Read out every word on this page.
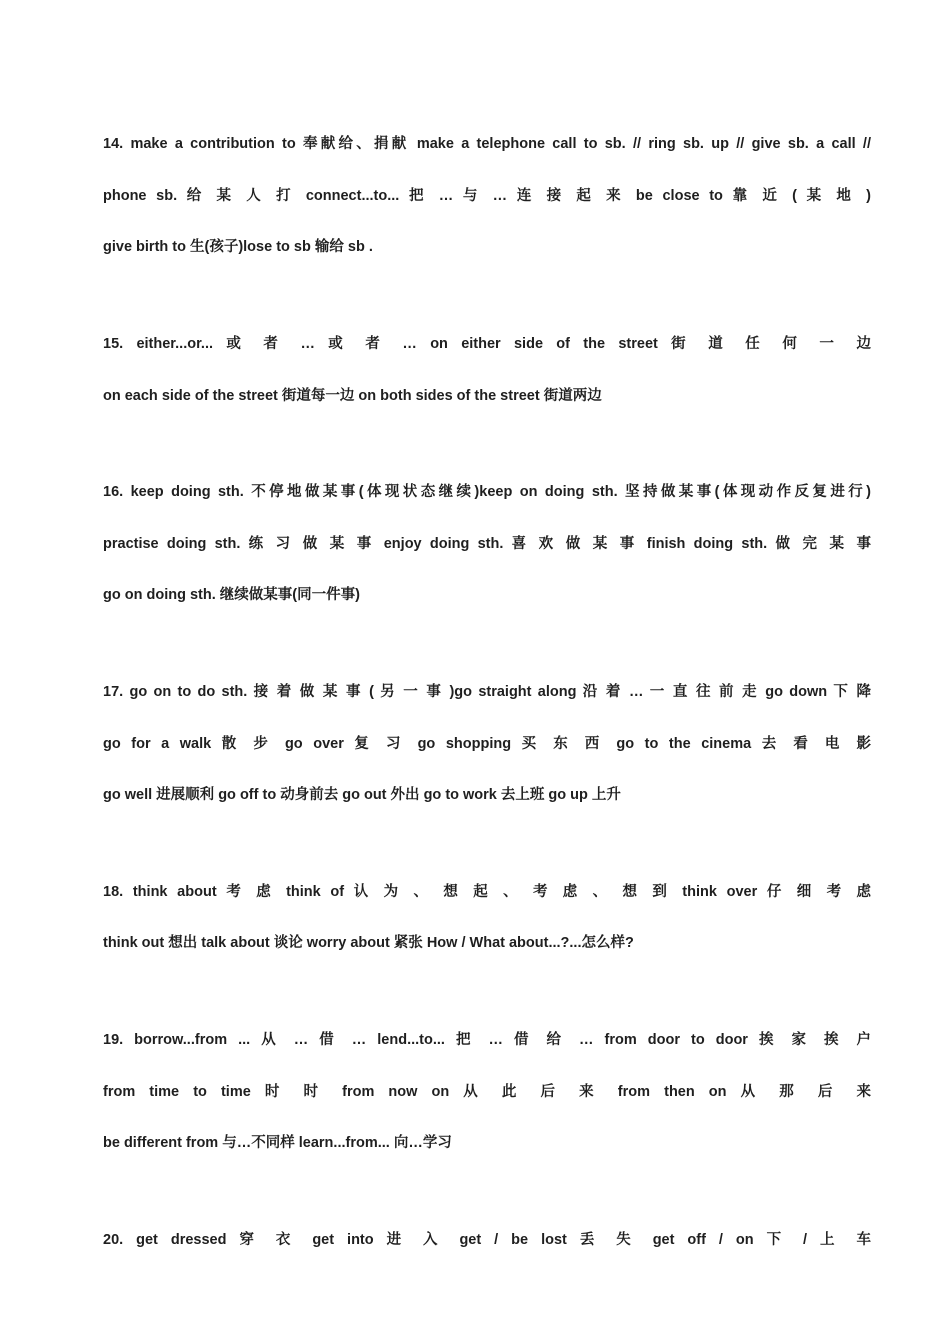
14. make a contribution to 奉献给、捐献 make a telephone call to sb. // ring sb. up // give sb. a call //
phone sb. 给 某 人 打 connect...to... 把 … 与 … 连 接 起 来 be close to 靠 近 ( 某 地 )
give birth to 生(孩子)lose to sb 输给 sb .
15. either...or... 或 者 … 或 者 … on either side of the street 街 道 任 何 一 边
on each side of the street 街道每一边 on both sides of the street 街道两边
16. keep doing sth. 不停地做某事(体现状态继续)keep on doing sth. 坚持做某事(体现动作反复进行)
practise doing sth. 练 习 做 某 事 enjoy doing sth. 喜 欢 做 某 事 finish doing sth. 做 完 某 事
go on doing sth. 继续做某事(同一件事)
17. go on to do sth. 接 着 做 某 事 ( 另 一 事 )go straight along 沿 着 … 一 直 往 前 走 go down 下 降
go for a walk 散 步 go over 复 习 go shopping 买 东 西 go to the cinema 去 看 电 影
go well 进展顺利 go off to 动身前去 go out 外出 go to work 去上班 go up 上升
18. think about 考 虑 think of 认 为 、 想 起 、 考 虑 、 想 到 think over 仔 细 考 虑
think out 想出 talk about 谈论 worry about 紧张 How / What about...?...怎么样?
19. borrow...from ... 从 … 借 … lend...to... 把 … 借 给 … from door to door 挨 家 挨 户
from time to time 时 时 from now on 从 此 后 来 from then on 从 那 后 来
be different from 与…不同样 learn...from... 向…学习
20. get dressed 穿 衣 get into 进 入 get / be lost 丢 失 get off / on 下 / 上 车
